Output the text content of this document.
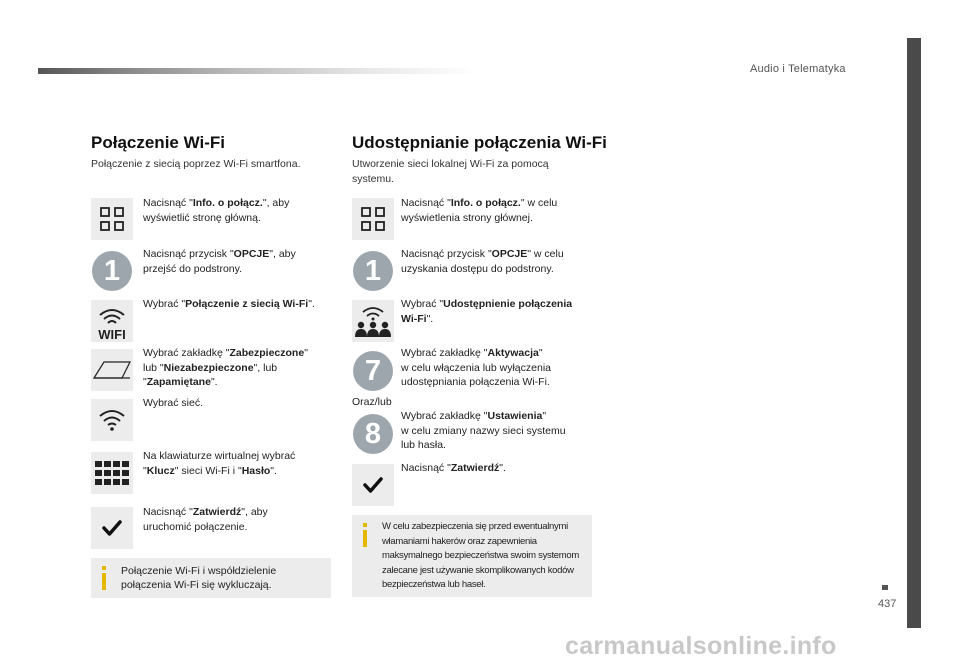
Audio i Telematyka
437
Połączenie Wi-Fi
Połączenie z siecią poprzez Wi-Fi smartfona.
Nacisnąć "Info. o połącz.", aby
wyświetlić stronę główną.
1
Nacisnąć przycisk "OPCJE", aby
przejść do podstrony.
WIFI
Wybrać "Połączenie z siecią Wi-Fi".
Wybrać zakładkę "Zabezpieczone"
lub "Niezabezpieczone", lub
"Zapamiętane".
Wybrać sieć.
Na klawiaturze wirtualnej wybrać
"Klucz" sieci Wi-Fi i "Hasło".
Nacisnąć "Zatwierdź", aby
uruchomić połączenie.
Połączenie Wi-Fi i współdzielenie
połączenia Wi-Fi się wykluczają.
Udostępnianie połączenia Wi-Fi
Utworzenie sieci lokalnej Wi-Fi za pomocą
systemu.
Nacisnąć "Info. o połącz." w celu
wyświetlenia strony głównej.
1
Nacisnąć przycisk "OPCJE" w celu
uzyskania dostępu do podstrony.
Wybrać "Udostępnienie połączenia
Wi-Fi".
7
Wybrać zakładkę "Aktywacja"
w celu włączenia lub wyłączenia
udostępniania połączenia Wi-Fi.
Oraz/lub
8
Wybrać zakładkę "Ustawienia"
w celu zmiany nazwy sieci systemu
lub hasła.
Nacisnąć "Zatwierdź".
W celu zabezpieczenia się przed ewentualnymi
włamaniami hakerów oraz zapewnienia
maksymalnego bezpieczeństwa swoim systemom
zalecane jest używanie skomplikowanych kodów
bezpieczeństwa lub haseł.
carmanualsonline.info
